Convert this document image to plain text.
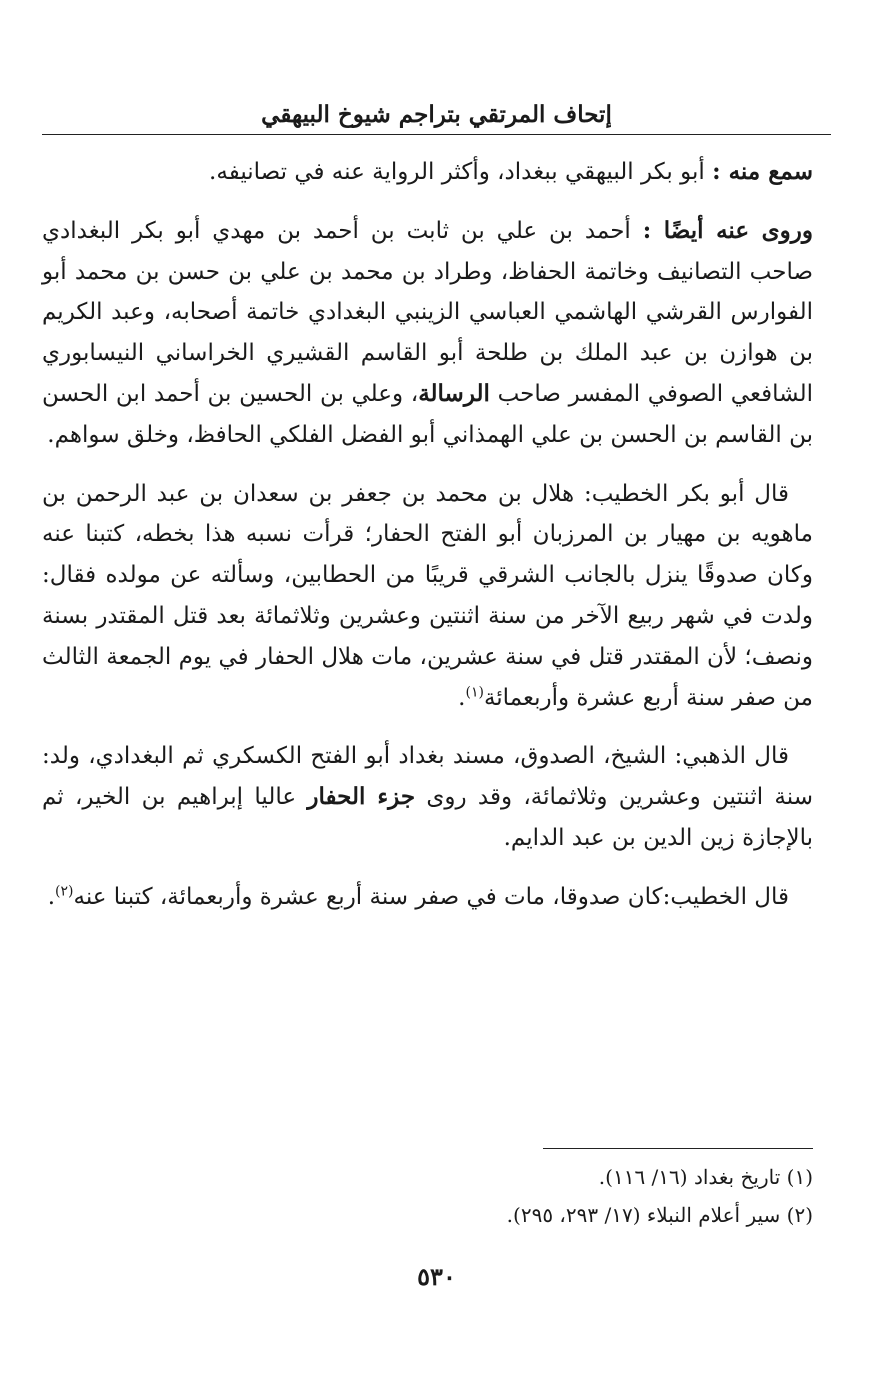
إتحاف المرتقي بتراجم شيوخ البيهقي

سمع منه : أبو بكر البيهقي ببغداد، وأكثر الرواية عنه في تصانيفه.

وروى عنه أيضًا : أحمد بن علي بن ثابت بن أحمد بن مهدي أبو بكر البغدادي صاحب التصانيف وخاتمة الحفاظ، وطراد بن محمد بن علي بن حسن بن محمد أبو الفوارس القرشي الهاشمي العباسي الزينبي البغدادي خاتمة أصحابه، وعبد الكريم بن هوازن بن عبد الملك بن طلحة أبو القاسم القشيري الخراساني النيسابوري الشافعي الصوفي المفسر صاحب الرسالة، وعلي بن الحسين بن أحمد ابن الحسن بن القاسم بن الحسن بن علي الهمذاني أبو الفضل الفلكي الحافظ، وخلق سواهم.

قال أبو بكر الخطيب: هلال بن محمد بن جعفر بن سعدان بن عبد الرحمن بن ماهويه بن مهيار بن المرزبان أبو الفتح الحفار؛ قرأت نسبه هذا بخطه، كتبنا عنه وكان صدوقًا ينزل بالجانب الشرقي قريبًا من الحطابين، وسألته عن مولده فقال: ولدت في شهر ربيع الآخر من سنة اثنتين وعشرين وثلاثمائة بعد قتل المقتدر بسنة ونصف؛ لأن المقتدر قتل في سنة عشرين، مات هلال الحفار في يوم الجمعة الثالث من صفر سنة أربع عشرة وأربعمائة$^{(١)}$.

قال الذهبي: الشيخ، الصدوق، مسند بغداد أبو الفتح الكسكري ثم البغدادي، ولد: سنة اثنتين وعشرين وثلاثمائة، وقد روى جزء الحفار عاليا إبراهيم بن الخير، ثم بالإجازة زين الدين بن عبد الدايم.

قال الخطيب:كان صدوقا، مات في صفر سنة أربع عشرة وأربعمائة، كتبنا عنه$^{(٢)}$.

(١) تاريخ بغداد (١٦/ ١١٦).

(٢) سير أعلام النبلاء (١٧/ ٢٩٣، ٢٩٥).

٥٣٠
